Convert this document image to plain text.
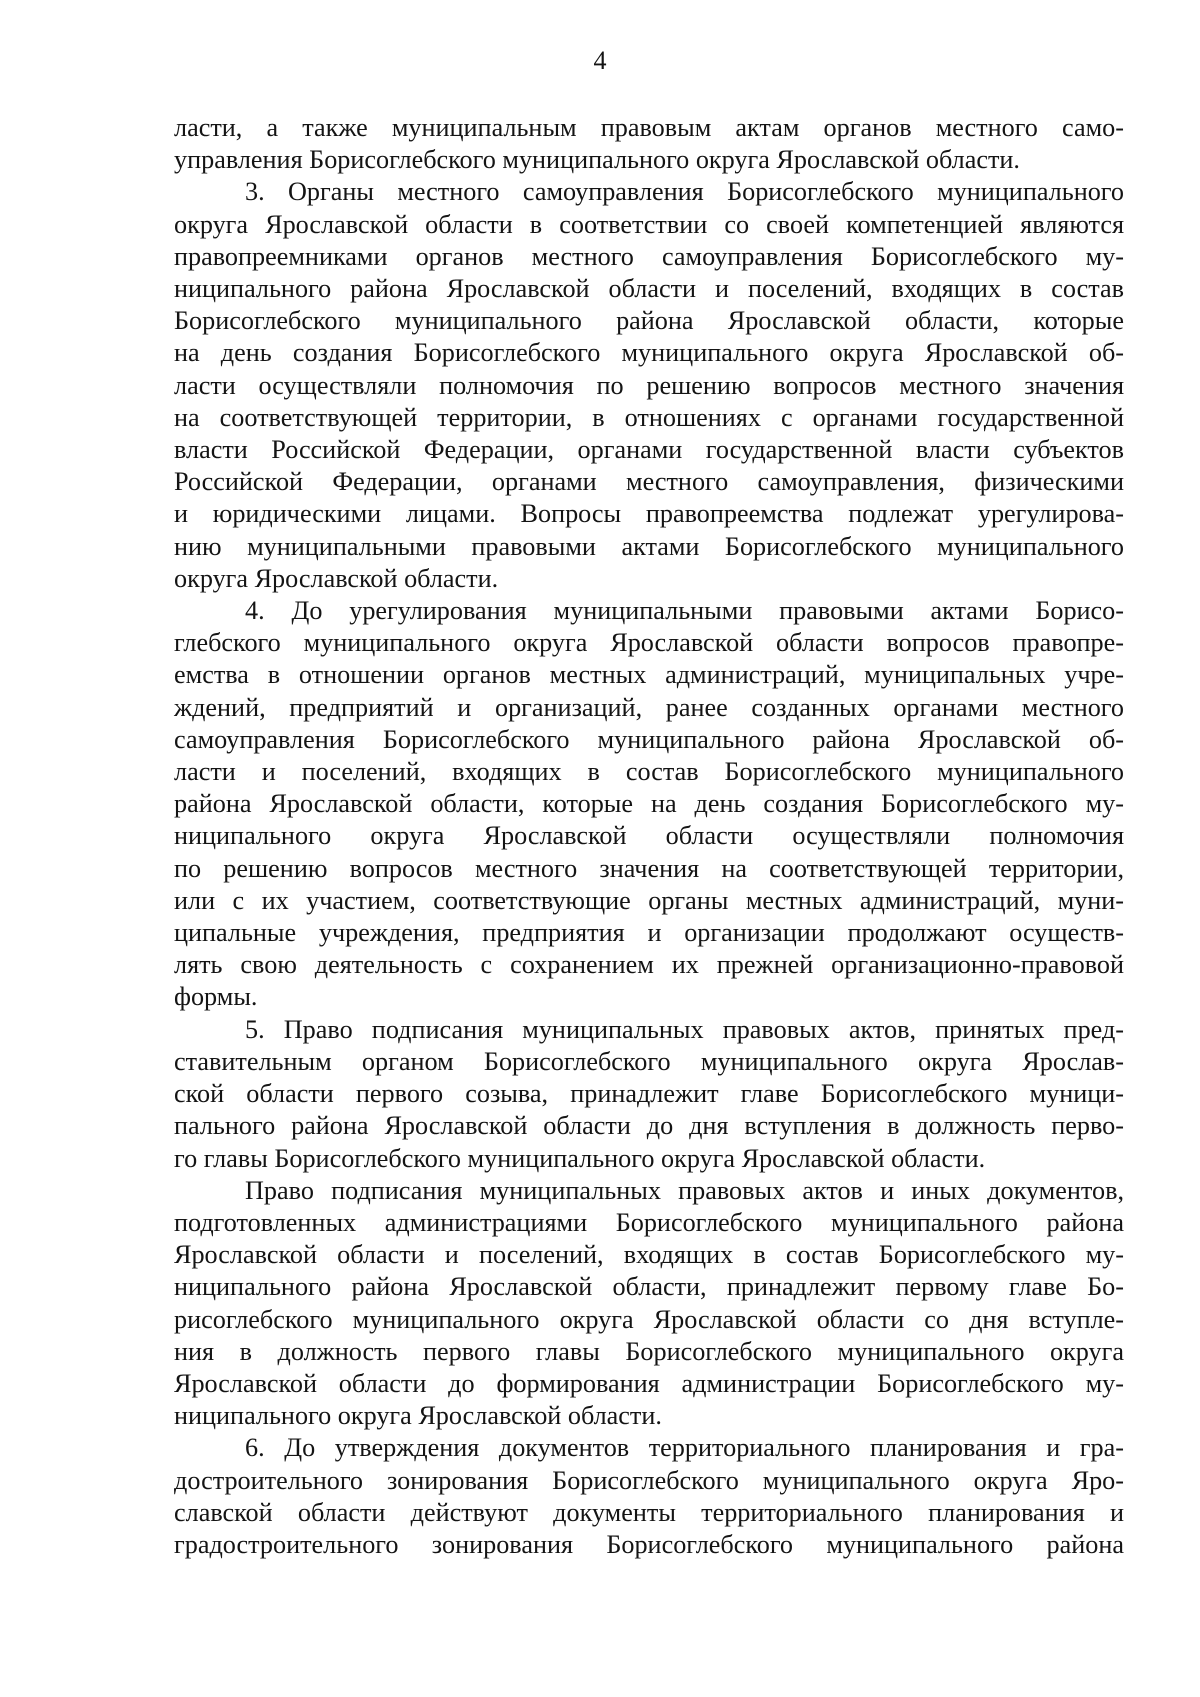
4
ласти, а также муниципальным правовым актам органов местного само-
управления Борисоглебского муниципального округа Ярославской области.
3. Органы местного самоуправления Борисоглебского муниципального
округа Ярославской области в соответствии со своей компетенцией являются
правопреемниками органов местного самоуправления Борисоглебского му-
ниципального района Ярославской области и поселений, входящих в состав
Борисоглебского муниципального района Ярославской области, которые
на день создания Борисоглебского муниципального округа Ярославской об-
ласти осуществляли полномочия по решению вопросов местного значения
на соответствующей территории, в отношениях с органами государственной
власти Российской Федерации, органами государственной власти субъектов
Российской Федерации, органами местного самоуправления, физическими
и юридическими лицами. Вопросы правопреемства подлежат урегулирова-
нию муниципальными правовыми актами Борисоглебского муниципального
округа Ярославской области.
4. До урегулирования муниципальными правовыми актами Борисо-
глебского муниципального округа Ярославской области вопросов правопре-
емства в отношении органов местных администраций, муниципальных учре-
ждений, предприятий и организаций, ранее созданных органами местного
самоуправления Борисоглебского муниципального района Ярославской об-
ласти и поселений, входящих в состав Борисоглебского муниципального
района Ярославской области, которые на день создания Борисоглебского му-
ниципального округа Ярославской области осуществляли полномочия
по решению вопросов местного значения на соответствующей территории,
или с их участием, соответствующие органы местных администраций, муни-
ципальные учреждения, предприятия и организации продолжают осуществ-
лять свою деятельность с сохранением их прежней организационно-правовой
формы.
5. Право подписания муниципальных правовых актов, принятых пред-
ставительным органом Борисоглебского муниципального округа Ярослав-
ской области первого созыва, принадлежит главе Борисоглебского муници-
пального района Ярославской области до дня вступления в должность перво-
го главы Борисоглебского муниципального округа Ярославской области.
Право подписания муниципальных правовых актов и иных документов,
подготовленных администрациями Борисоглебского муниципального района
Ярославской области и поселений, входящих в состав Борисоглебского му-
ниципального района Ярославской области, принадлежит первому главе Бо-
рисоглебского муниципального округа Ярославской области со дня вступле-
ния в должность первого главы Борисоглебского муниципального округа
Ярославской области до формирования администрации Борисоглебского му-
ниципального округа Ярославской области.
6. До утверждения документов территориального планирования и гра-
достроительного зонирования Борисоглебского муниципального округа Яро-
славской области действуют документы территориального планирования и
градостроительного зонирования Борисоглебского муниципального района
